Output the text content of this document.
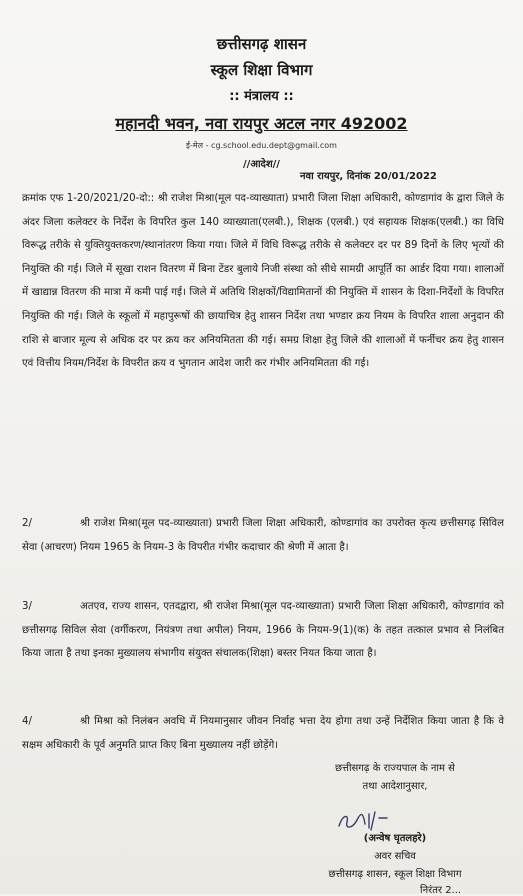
छत्तीसगढ़ शासन
स्कूल शिक्षा विभाग
:: मंत्रालय ::
महानदी भवन, नवा रायपुर अटल नगर 492002
ई-मेल - cg.school.edu.dept@gmail.com
//आदेश//
नवा रायपुर, दिनांक 20/01/2022
क्रमांक एफ 1-20/2021/20-दो:: श्री राजेश मिश्रा(मूल पद-व्याख्याता) प्रभारी जिला शिक्षा अधिकारी, कोण्डागांव के द्वारा जिले के अंदर जिला कलेक्टर के निर्देश के विपरित कुल 140 व्याख्याता(एलबी.), शिक्षक (एलबी.) एवं सहायक शिक्षक(एलबी.) का विधि विरूद्ध तरीके से युक्तियुक्तकरण/स्थानांतरण किया गया। जिले में विधि विरूद्ध तरीके से कलेक्टर दर पर 89 दिनों के लिए भृत्यों की नियुक्ति की गई। जिले में सूखा राशन वितरण में बिना टेंडर बुलाये निजी संस्था को सीधे सामग्री आपूर्ति का आर्डर दिया गया। शालाओं में खाद्यान्न वितरण की मात्रा में कमी पाई गई। जिले में अतिथि शिक्षकों/विद्यामितानों की नियुक्ति में शासन के दिशा-निर्देशों के विपरित नियुक्ति की गई। जिले के स्कूलों में महापुरूषों की छायाचित्र हेतु शासन निर्देश तथा भण्डार क्रय नियम के विपरित शाला अनुदान की राशि से बाजार मूल्य से अधिक दर पर क्रय कर अनियमितता की गई। समग्र शिक्षा हेतु जिले की शालाओं में फर्नीचर क्रय हेतु शासन एवं वित्तीय नियम/निर्देश के विपरीत क्रय व भुगतान आदेश जारी कर गंभीर अनियमितता की गई।
2/	श्री राजेश मिश्रा(मूल पद-व्याख्याता) प्रभारी जिला शिक्षा अधिकारी, कोण्डागांव का उपरोक्त कृत्य छत्तीसगढ़ सिविल सेवा (आचरण) नियम 1965 के नियम-3 के विपरीत गंभीर कदाचार की श्रेणी में आता है।
3/	अतएव, राज्य शासन, एतदद्वारा, श्री राजेश मिश्रा(मूल पद-व्याख्याता) प्रभारी जिला शिक्षा अधिकारी, कोण्डागांव को छत्तीसगढ़ सिविल सेवा (वर्गीकरण, नियंत्रण तथा अपील) नियम, 1966 के नियम-9(1)(क) के तहत तत्काल प्रभाव से निलंबित किया जाता है तथा इनका मुख्यालय संभागीय संयुक्त संचालक(शिक्षा) बस्तर नियत किया जाता है।
4/	श्री मिश्रा को निलंबन अवधि में नियमानुसार जीवन निर्वाह भत्ता देय होगा तथा उन्हें निर्देशित किया जाता है कि वे सक्षम अधिकारी के पूर्व अनुमति प्राप्त किए बिना मुख्यालय नहीं छोड़ेंगे।
छत्तीसगढ़ के राज्यपाल के नाम से
तथा आदेशानुसार,
(अन्वेष घृतलहरे)
अवर सचिव
छत्तीसगढ़ शासन, स्कूल शिक्षा विभाग
निरंतर 2...
